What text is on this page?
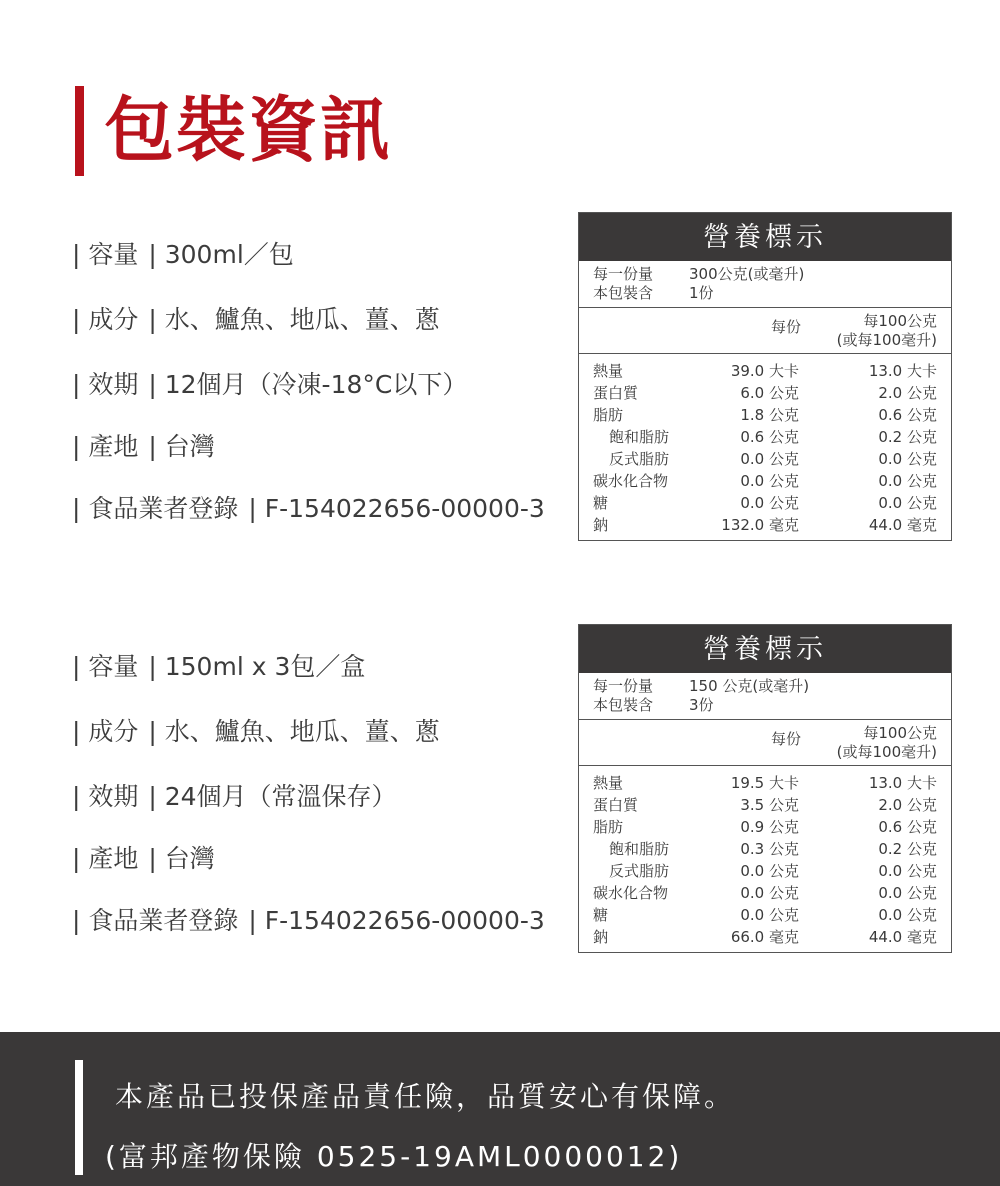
包裝資訊
| 容量 | 300ml／包
| 成分 | 水、鱸魚、地瓜、薑、蔥
| 效期 | 12個月（冷凍-18°C以下）
| 產地 | 台灣
| 食品業者登錄 | F-154022656-00000-3
營養標示
每一份量	300公克(或毫升)
本包裝含	1份
每份	每100公克
(或每100毫升)
熱量	39.0 大卡	13.0 大卡
蛋白質	6.0 公克	2.0 公克
脂肪	1.8 公克	0.6 公克
飽和脂肪	0.6 公克	0.2 公克
反式脂肪	0.0 公克	0.0 公克
碳水化合物	0.0 公克	0.0 公克
糖	0.0 公克	0.0 公克
鈉	132.0 毫克	44.0 毫克
| 容量 | 150ml x 3包／盒
| 成分 | 水、鱸魚、地瓜、薑、蔥
| 效期 | 24個月（常溫保存）
| 產地 | 台灣
| 食品業者登錄 | F-154022656-00000-3
營養標示
每一份量	150 公克(或毫升)
本包裝含	3份
每份	每100公克
(或每100毫升)
熱量	19.5 大卡	13.0 大卡
蛋白質	3.5 公克	2.0 公克
脂肪	0.9 公克	0.6 公克
飽和脂肪	0.3 公克	0.2 公克
反式脂肪	0.0 公克	0.0 公克
碳水化合物	0.0 公克	0.0 公克
糖	0.0 公克	0.0 公克
鈉	66.0 毫克	44.0 毫克
本產品已投保產品責任險，品質安心有保障。
(富邦產物保險 0525-19AML0000012)
